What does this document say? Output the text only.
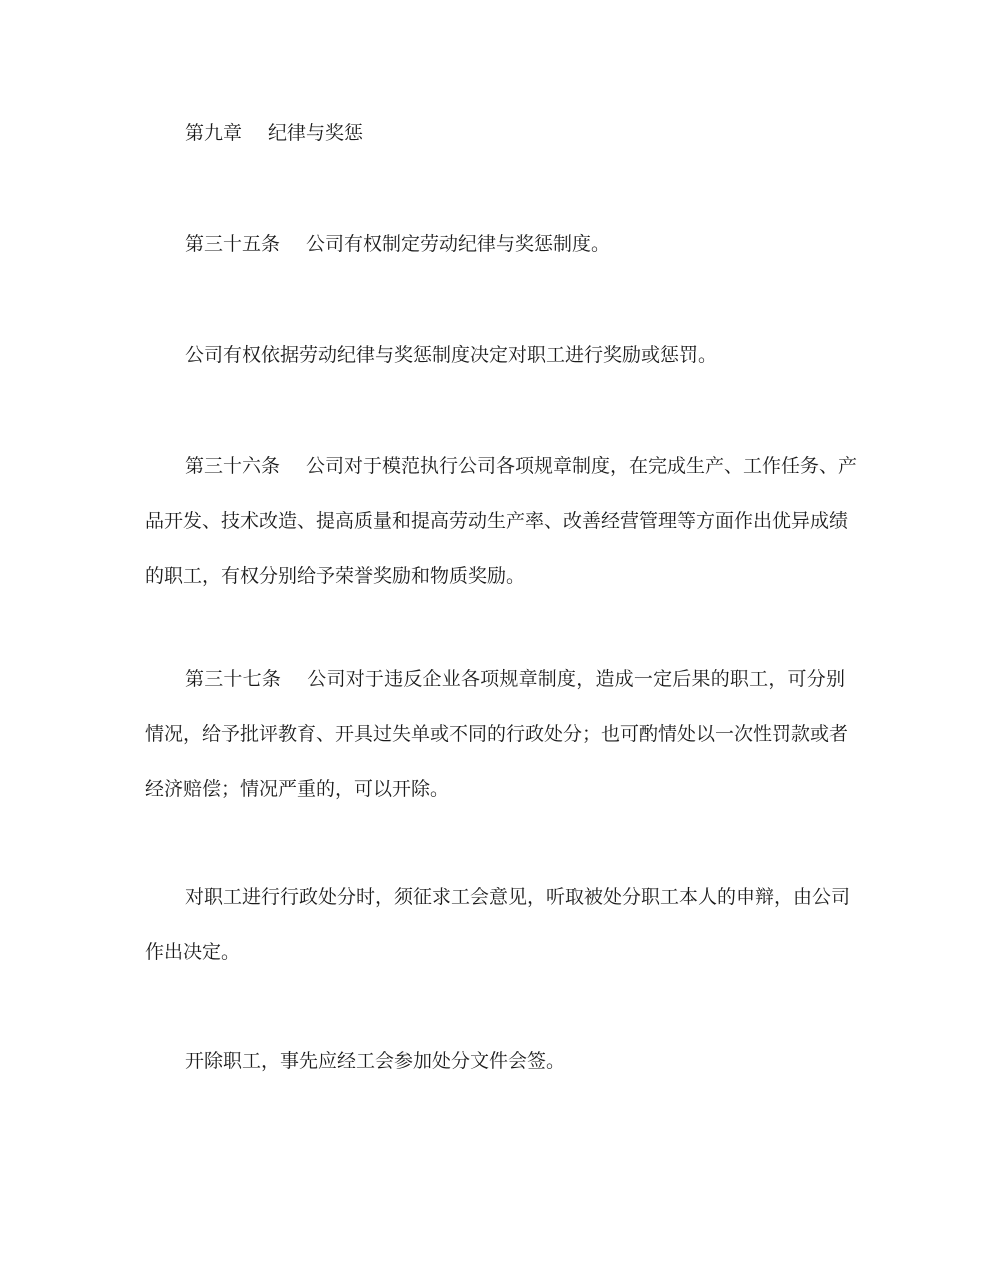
第九章 纪律与奖惩
第三十五条 公司有权制定劳动纪律与奖惩制度。
公司有权依据劳动纪律与奖惩制度决定对职工进行奖励或惩罚。
第三十六条 公司对于模范执行公司各项规章制度，在完成生产、工作任务、产
品开发、技术改造、提高质量和提高劳动生产率、改善经营管理等方面作出优异成绩
的职工，有权分别给予荣誉奖励和物质奖励。
第三十七条 公司对于违反企业各项规章制度，造成一定后果的职工，可分别
情况，给予批评教育、开具过失单或不同的行政处分；也可酌情处以一次性罚款或者
经济赔偿；情况严重的，可以开除。
对职工进行行政处分时，须征求工会意见，听取被处分职工本人的申辩，由公司
作出决定。
开除职工，事先应经工会参加处分文件会签。
